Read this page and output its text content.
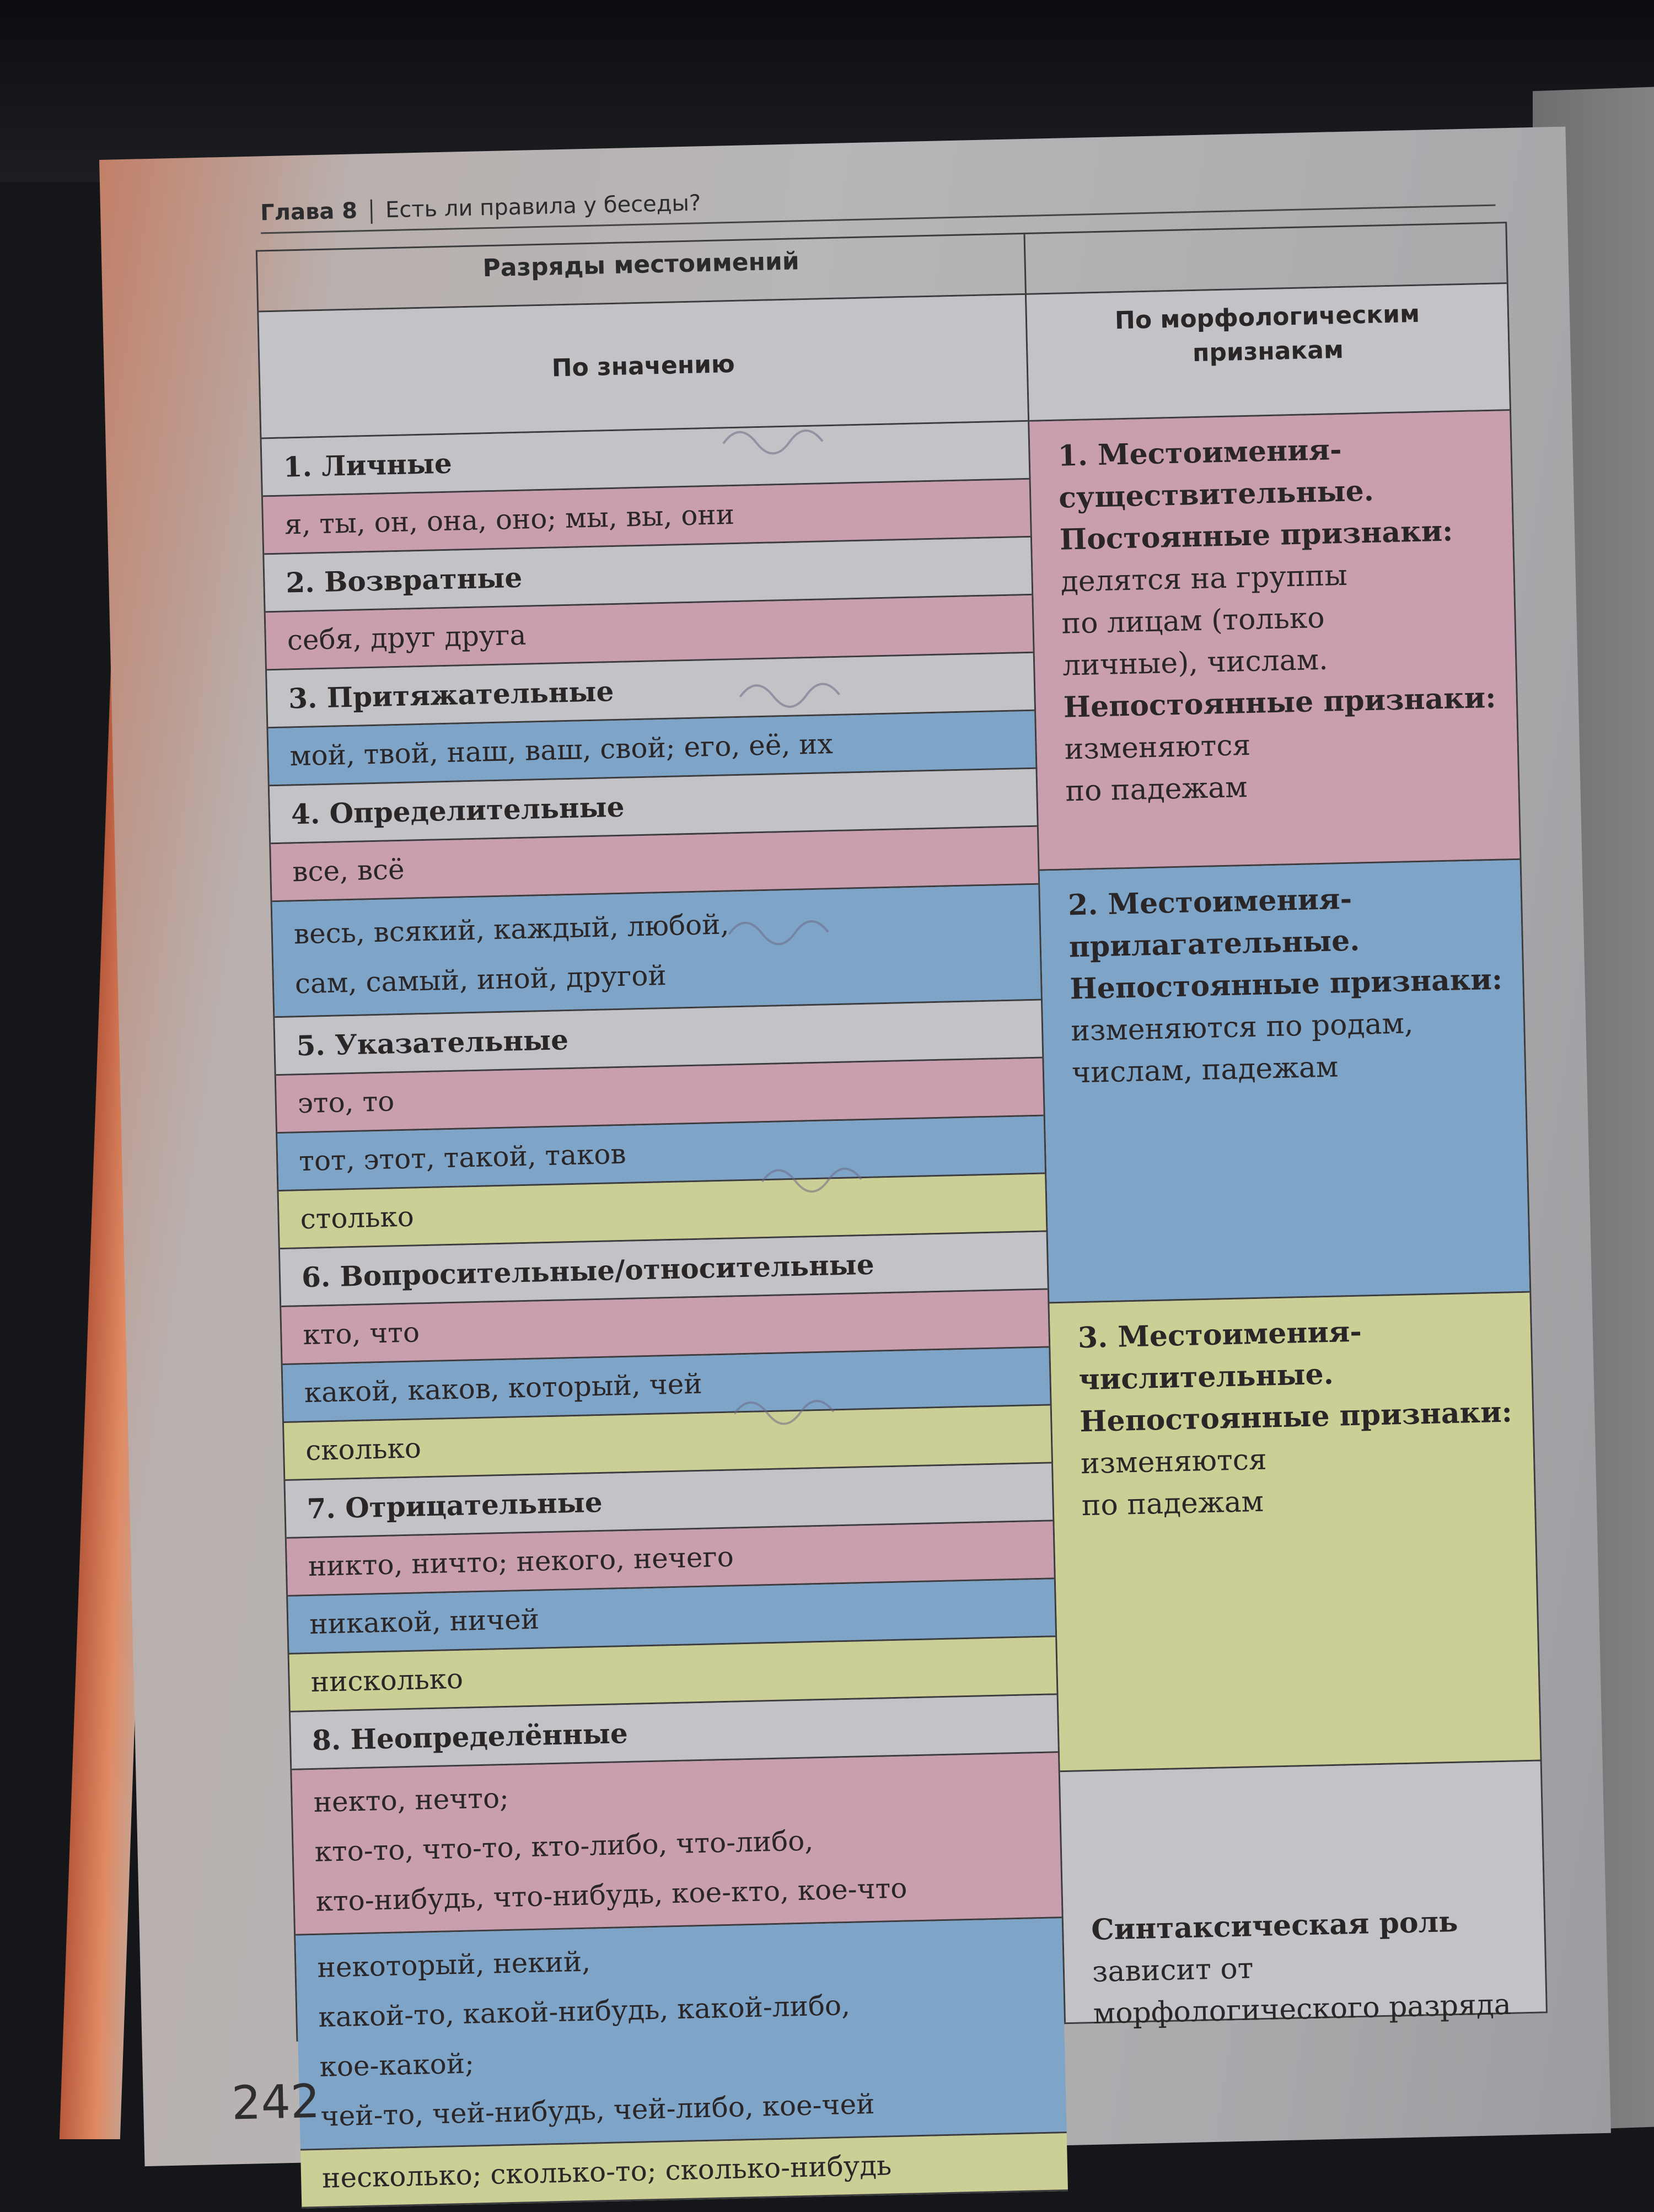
Глава 8 Есть ли правила у беседы?
Разряды местоимений
По значению
1. Личные
я, ты, он, она, оно; мы, вы, они
2. Возвратные
себя, друг друга
3. Притяжательные
мой, твой, наш, ваш, свой; его, её, их
4. Определительные
все, всё
весь, всякий, каждый, любой,
сам, самый, иной, другой
5. Указательные
это, то
тот, этот, такой, таков
столько
6. Вопросительные/относительные
кто, что
какой, каков, который, чей
сколько
7. Отрицательные
никто, ничто; некого, нечего
никакой, ничей
нисколько
8. Неопределённые
некто, нечто;
кто-то, что-то, кто-либо, что-либо,
кто-нибудь, что-нибудь, кое-кто, кое-что
некоторый, некий,
какой-то, какой-нибудь, какой-либо,
кое-какой;
чей-то, чей-нибудь, чей-либо, кое-чей
несколько; сколько-то; сколько-нибудь
По морфологическим признакам
1. Местоимения-существительные.
Постоянные признаки:
делятся на группы
по лицам (только
личные), числам.
Непостоянные признаки:
изменяются
по падежам
2. Местоимения-прилагательные.
Непостоянные признаки:
изменяются по родам,
числам, падежам
3. Местоимения-числительные.
Непостоянные признаки:
изменяются
по падежам
Синтаксическая роль
зависит от морфологического разряда
242
